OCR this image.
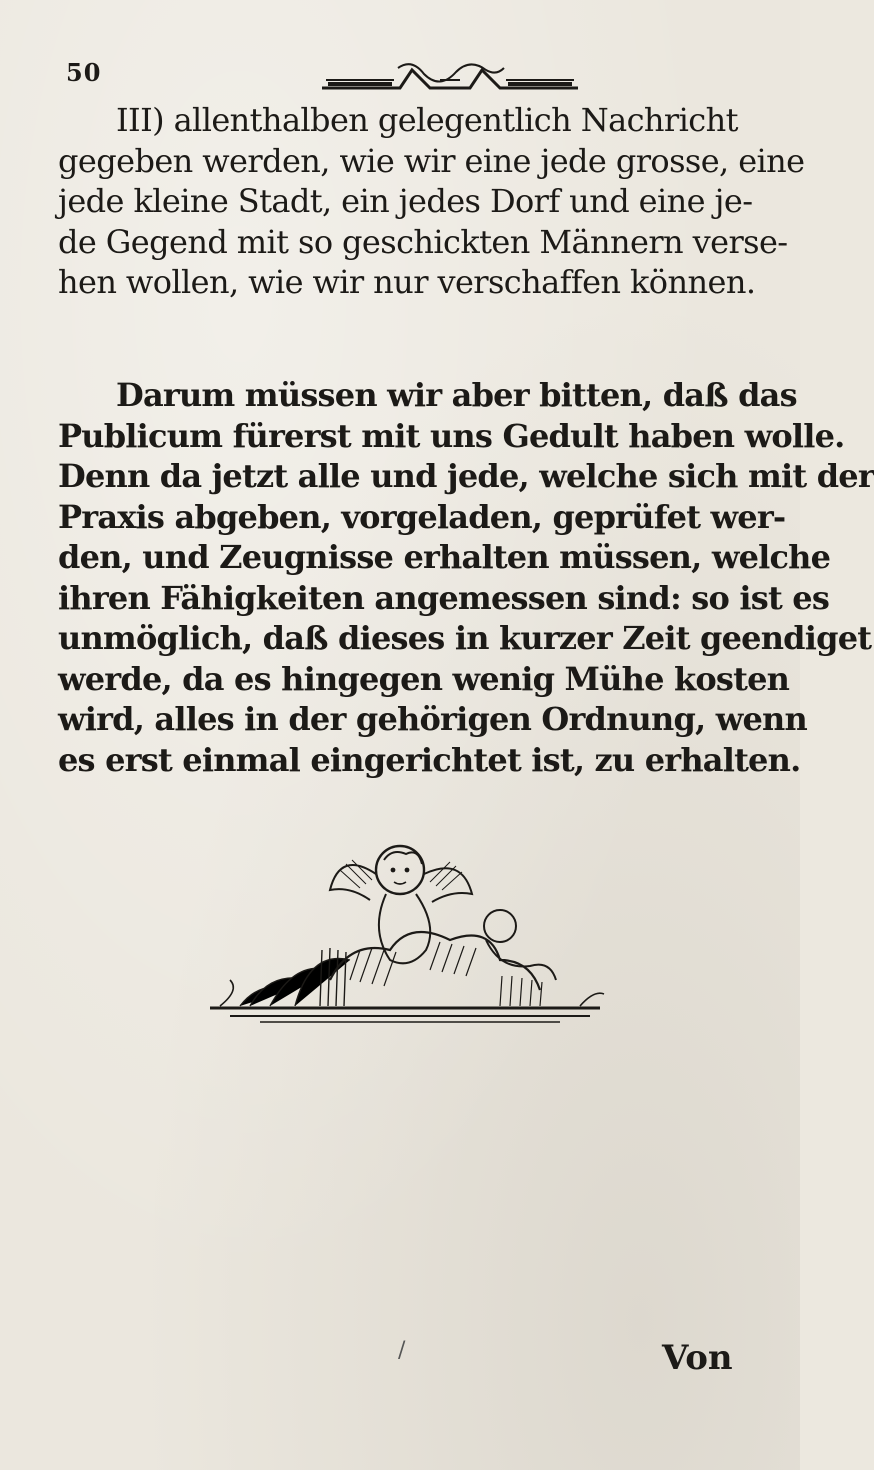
50
III) allenthalben gelegentlich Nachricht
gegeben werden, wie wir eine jede grosse, eine
jede kleine Stadt, ein jedes Dorf und eine je-
de Gegend mit so geschickten Männern verse-
hen wollen, wie wir nur verschaffen können.
Darum müssen wir aber bitten, daß das
Publicum fürerst mit uns Gedult haben wolle.
Denn da jetzt alle und jede, welche sich mit der
Praxis abgeben, vorgeladen, geprüfet wer-
den, und Zeugnisse erhalten müssen, welche
ihren Fähigkeiten angemessen sind: so ist es
unmöglich, daß dieses in kurzer Zeit geendiget
werde, da es hingegen wenig Mühe kosten
wird, alles in der gehörigen Ordnung, wenn
es erst einmal eingerichtet ist, zu erhalten.
/	Von
